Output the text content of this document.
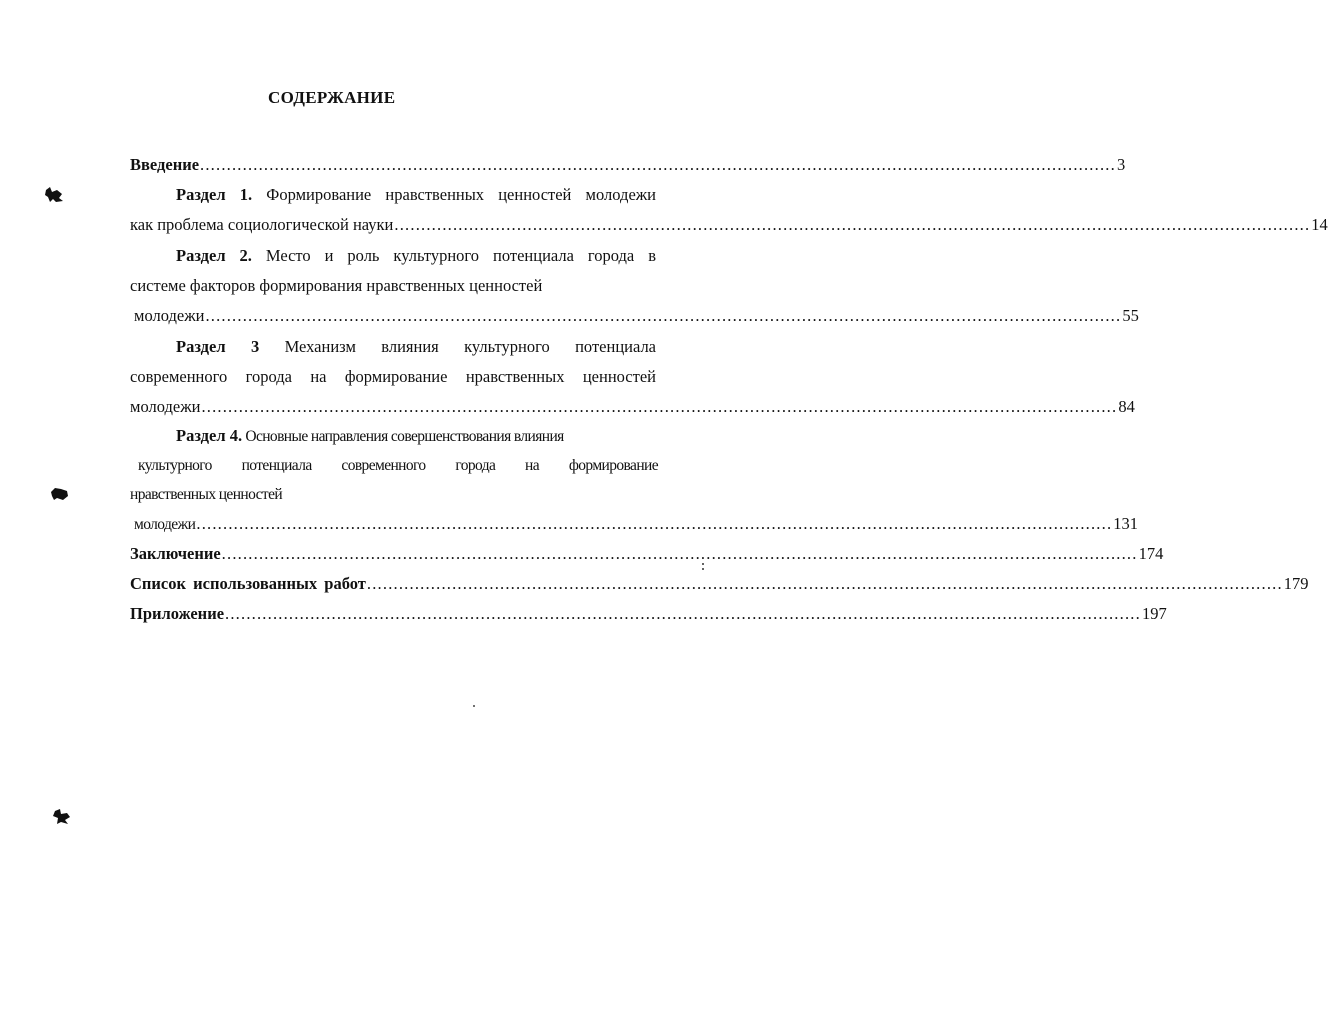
СОДЕРЖАНИЕ
Введение ............................................................................................................................................................................ 3
Раздел 1. Формирование нравственных ценностей молодежи
как проблема социологической науки ............................................................................................................................................................................ 14
Раздел 2. Место и роль культурного потенциала города в
системе факторов формирования нравственных ценностей
молодежи ............................................................................................................................................................................ 55
Раздел 3 Механизм влияния культурного потенциала
современного города на формирование нравственных ценностей
молодежи ............................................................................................................................................................................ 84
Раздел 4. Основные направления совершенствования влияния
культурного потенциала современного города на формирование
нравственных ценностей
молодежи ............................................................................................................................................................................ 131
Заключение ............................................................................................................................................................................ 174
Список использованных работ ............................................................................................................................................................................ 179
Приложение ............................................................................................................................................................................ 197
